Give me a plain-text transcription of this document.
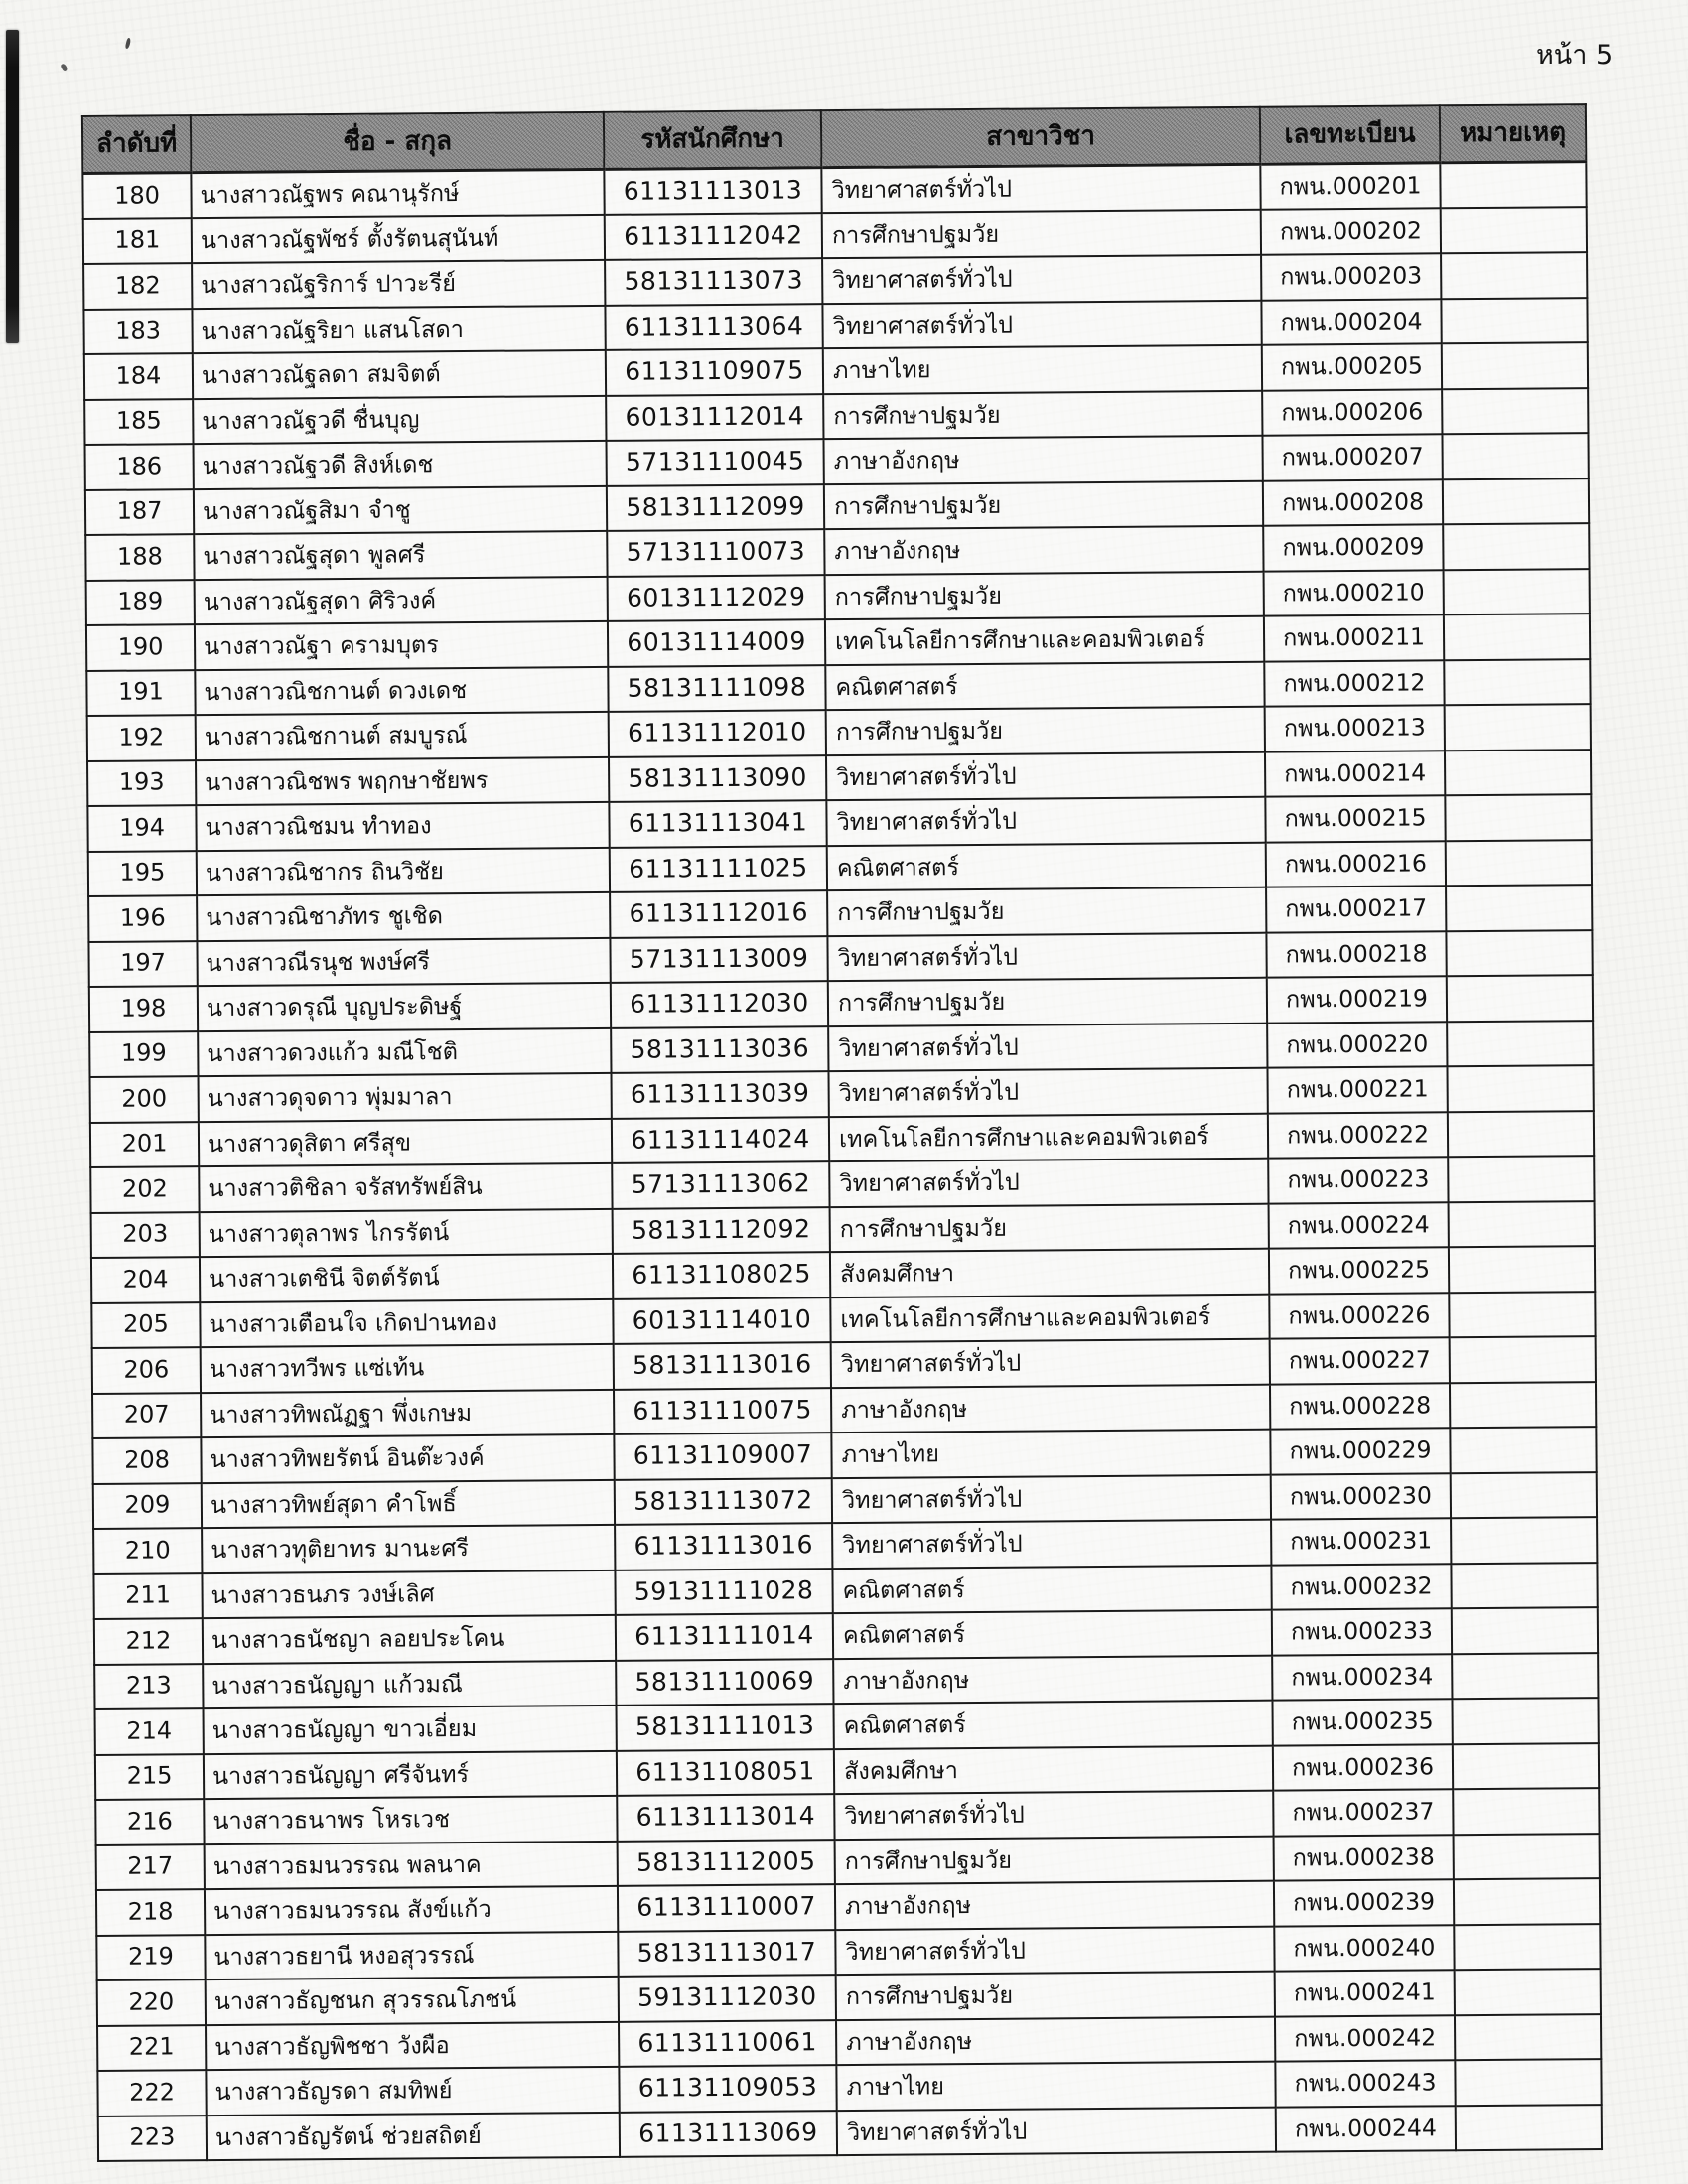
หน้า 5
ลำดับที่	ชื่อ - สกุล	รหัสนักศึกษา	สาขาวิชา	เลขทะเบียน	หมายเหตุ
180	นางสาวณัฐพร คณานุรักษ์	61131113013	วิทยาศาสตร์ทั่วไป	กพน.000201	
181	นางสาวณัฐพัชร์ ตั้งรัตนสุนันท์	61131112042	การศึกษาปฐมวัย	กพน.000202	
182	นางสาวณัฐริการ์ ปาวะรีย์	58131113073	วิทยาศาสตร์ทั่วไป	กพน.000203	
183	นางสาวณัฐริยา แสนโสดา	61131113064	วิทยาศาสตร์ทั่วไป	กพน.000204	
184	นางสาวณัฐลดา สมจิตต์	61131109075	ภาษาไทย	กพน.000205	
185	นางสาวณัฐวดี ชื่นบุญ	60131112014	การศึกษาปฐมวัย	กพน.000206	
186	นางสาวณัฐวดี สิงห์เดช	57131110045	ภาษาอังกฤษ	กพน.000207	
187	นางสาวณัฐสิมา จำชู	58131112099	การศึกษาปฐมวัย	กพน.000208	
188	นางสาวณัฐสุดา พูลศรี	57131110073	ภาษาอังกฤษ	กพน.000209	
189	นางสาวณัฐสุดา ศิริวงค์	60131112029	การศึกษาปฐมวัย	กพน.000210	
190	นางสาวณัฐา ครามบุตร	60131114009	เทคโนโลยีการศึกษาและคอมพิวเตอร์	กพน.000211	
191	นางสาวณิชกานต์ ดวงเดช	58131111098	คณิตศาสตร์	กพน.000212	
192	นางสาวณิชกานต์ สมบูรณ์	61131112010	การศึกษาปฐมวัย	กพน.000213	
193	นางสาวณิชพร พฤกษาชัยพร	58131113090	วิทยาศาสตร์ทั่วไป	กพน.000214	
194	นางสาวณิชมน ทำทอง	61131113041	วิทยาศาสตร์ทั่วไป	กพน.000215	
195	นางสาวณิชากร ถินวิชัย	61131111025	คณิตศาสตร์	กพน.000216	
196	นางสาวณิชาภัทร ชูเชิด	61131112016	การศึกษาปฐมวัย	กพน.000217	
197	นางสาวณีรนุช พงษ์ศรี	57131113009	วิทยาศาสตร์ทั่วไป	กพน.000218	
198	นางสาวดรุณี บุญประดิษฐ์	61131112030	การศึกษาปฐมวัย	กพน.000219	
199	นางสาวดวงแก้ว มณีโชติ	58131113036	วิทยาศาสตร์ทั่วไป	กพน.000220	
200	นางสาวดุจดาว พุ่มมาลา	61131113039	วิทยาศาสตร์ทั่วไป	กพน.000221	
201	นางสาวดุสิตา ศรีสุข	61131114024	เทคโนโลยีการศึกษาและคอมพิวเตอร์	กพน.000222	
202	นางสาวติชิลา จรัสทรัพย์สิน	57131113062	วิทยาศาสตร์ทั่วไป	กพน.000223	
203	นางสาวตุลาพร ไกรรัตน์	58131112092	การศึกษาปฐมวัย	กพน.000224	
204	นางสาวเตชินี จิตต์รัตน์	61131108025	สังคมศึกษา	กพน.000225	
205	นางสาวเตือนใจ เกิดปานทอง	60131114010	เทคโนโลยีการศึกษาและคอมพิวเตอร์	กพน.000226	
206	นางสาวทวีพร แซ่เท้น	58131113016	วิทยาศาสตร์ทั่วไป	กพน.000227	
207	นางสาวทิพณัฏฐา พึ่งเกษม	61131110075	ภาษาอังกฤษ	กพน.000228	
208	นางสาวทิพยรัตน์ อินต๊ะวงค์	61131109007	ภาษาไทย	กพน.000229	
209	นางสาวทิพย์สุดา คำโพธิ์	58131113072	วิทยาศาสตร์ทั่วไป	กพน.000230	
210	นางสาวทุติยาทร มานะศรี	61131113016	วิทยาศาสตร์ทั่วไป	กพน.000231	
211	นางสาวธนภร วงษ์เลิศ	59131111028	คณิตศาสตร์	กพน.000232	
212	นางสาวธนัชญา ลอยประโคน	61131111014	คณิตศาสตร์	กพน.000233	
213	นางสาวธนัญญา แก้วมณี	58131110069	ภาษาอังกฤษ	กพน.000234	
214	นางสาวธนัญญา ขาวเอี่ยม	58131111013	คณิตศาสตร์	กพน.000235	
215	นางสาวธนัญญา ศรีจันทร์	61131108051	สังคมศึกษา	กพน.000236	
216	นางสาวธนาพร โหรเวช	61131113014	วิทยาศาสตร์ทั่วไป	กพน.000237	
217	นางสาวธมนวรรณ พลนาค	58131112005	การศึกษาปฐมวัย	กพน.000238	
218	นางสาวธมนวรรณ สังข์แก้ว	61131110007	ภาษาอังกฤษ	กพน.000239	
219	นางสาวธยานี หงอสุวรรณ์	58131113017	วิทยาศาสตร์ทั่วไป	กพน.000240	
220	นางสาวธัญชนก สุวรรณโภชน์	59131112030	การศึกษาปฐมวัย	กพน.000241	
221	นางสาวธัญพิชชา วังผือ	61131110061	ภาษาอังกฤษ	กพน.000242	
222	นางสาวธัญรดา สมทิพย์	61131109053	ภาษาไทย	กพน.000243	
223	นางสาวธัญรัตน์ ช่วยสถิตย์	61131113069	วิทยาศาสตร์ทั่วไป	กพน.000244	
